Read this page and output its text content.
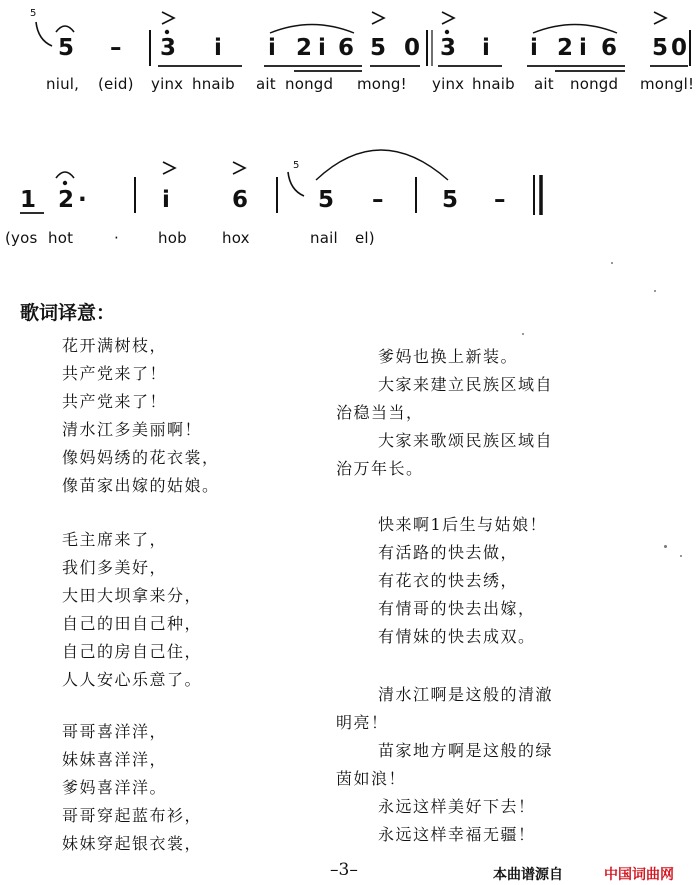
5
5 – 3 i i 2 i 6 5 0 3 i i 2 i 6 5 0
1 2 ·	i	6
5
5 –	5 –
niul, (eid) yinx hnaib ait nongd mong! yinx hnaib ait nongd mongl!
(yos hot	·	hob hox	nail el)
歌词译意：
花开满树枝，
共产党来了！
共产党来了！
清水江多美丽啊！
像妈妈绣的花衣裳，
像苗家出嫁的姑娘。
毛主席来了，
我们多美好，
大田大坝拿来分，
自己的田自己种，
自己的房自己住，
人人安心乐意了。
哥哥喜洋洋，
妹妹喜洋洋，
爹妈喜洋洋。
哥哥穿起蓝布衫，
妹妹穿起银衣裳，
爹妈也换上新装。
大家来建立民族区域自
治稳当当，
大家来歌颂民族区域自
治万年长。
快来啊1后生与姑娘！
有活路的快去做，
有花衣的快去绣，
有情哥的快去出嫁，
有情妹的快去成双。
清水江啊是这般的清澈
明亮！
苗家地方啊是这般的绿
茵如浪！
永远这样美好下去！
永远这样幸福无疆！
–3–	本曲谱源自	中国词曲网
